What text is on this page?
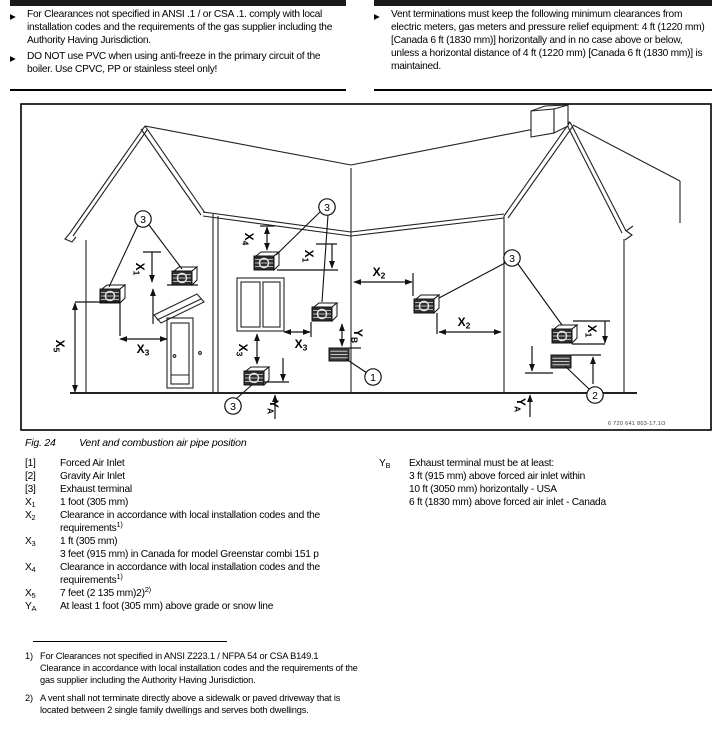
▶	For Clearances not specified in ANSI .1 / or CSA .1. comply with local installation codes and the requirements of the gas supplier including the Authority Having Jurisdiction.
▶	DO NOT use PVC when using anti-freeze in the primary circuit of the boiler. Use CPVC, PP or stainless steel only!
▶	Vent terminations must keep the following minimum clearances from electric meters, gas meters and pressure relief equipment: 4 ft (1220 mm) [Canada 6 ft (1830 mm)] horizontally and in no case above or below, unless a horizontal distance of 4 ft (1220 mm) [Canada 6 ft (1830 mm)] is maintained.
3
3
3
3
1
2
$X_5$
$X_1$
$X_3$
$X_4$
$X_1$
$X_3$
$X_3$
$Y_B$
$X_2$
$X_2$	$X_1$
$Y_A$
$Y_A$
6 720 641 803-17.1O
Fig. 24 Vent and combustion air pipe position
[1]	Forced Air Inlet
[2]	Gravity Air Inlet
[3]	Exhaust terminal
$X_1$	1 foot (305 mm)
$X_2$	Clearance in accordance with local installation codes and the
requirements$^{1)}$
$X_3$	1 ft (305 mm)
3 feet (915 mm) in Canada for model Greenstar combi 151 p
$X_4$	Clearance in accordance with local installation codes and the
requirements$^{1)}$
$X_5$	7 feet (2 135 mm)2)$^{2)}$
$Y_A$	At least 1 foot (305 mm) above grade or snow line
$Y_B$	Exhaust terminal must be at least:
3 ft (915 mm) above forced air inlet within
10 ft (3050 mm) horizontally - USA
6 ft (1830 mm) above forced air inlet - Canada
1) For Clearances not specified in ANSI Z223.1 / NFPA 54 or CSA B149.1 Clearance in accordance with local installation codes and the requirements of the gas supplier including the Authority Having Jurisdiction.
2) A vent shall not terminate directly above a sidewalk or paved driveway that is located between 2 single family dwellings and serves both dwellings.
